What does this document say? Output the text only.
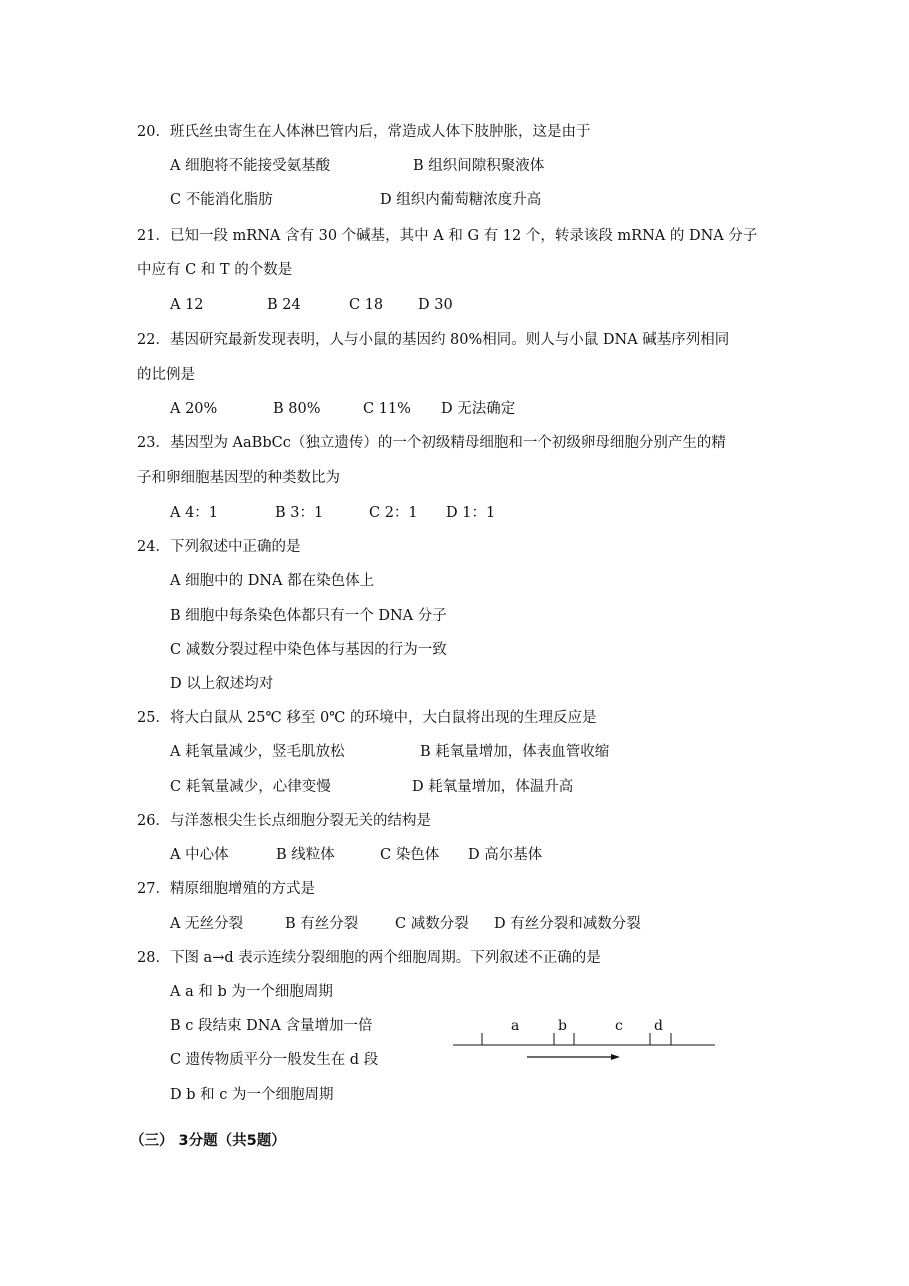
20．班氏丝虫寄生在人体淋巴管内后，常造成人体下肢肿胀，这是由于
A 细胞将不能接受氨基酸	B 组织间隙积聚液体
C 不能消化脂肪	D 组织内葡萄糖浓度升高
21．已知一段 mRNA 含有 30 个碱基，其中 A 和 G 有 12 个，转录该段 mRNA 的 DNA 分子
中应有 C 和 T 的个数是
A 12	B 24	C 18 D 30
22．基因研究最新发现表明，人与小鼠的基因约 80%相同。则人与小鼠 DNA 碱基序列相同
的比例是
A 20%	B 80%	C 11% D 无法确定
23．基因型为 AaBbCc（独立遗传）的一个初级精母细胞和一个初级卵母细胞分别产生的精
子和卵细胞基因型的种类数比为
A 4：1	B 3：1	C 2：1 D 1：1
24．下列叙述中正确的是
A 细胞中的 DNA 都在染色体上
B 细胞中每条染色体都只有一个 DNA 分子
C 减数分裂过程中染色体与基因的行为一致
D 以上叙述均对
25．将大白鼠从 25℃ 移至 0℃ 的环境中，大白鼠将出现的生理反应是
A 耗氧量减少，竖毛肌放松	B 耗氧量增加，体表血管收缩
C 耗氧量减少，心律变慢	D 耗氧量增加，体温升高
26．与洋葱根尖生长点细胞分裂无关的结构是
A 中心体	B 线粒体	C 染色体 D 高尔基体
27．精原细胞增殖的方式是
A 无丝分裂	B 有丝分裂	C 减数分裂 D 有丝分裂和减数分裂
28．下图 a→d 表示连续分裂细胞的两个细胞周期。下列叙述不正确的是
A a 和 b 为一个细胞周期
B c 段结束 DNA 含量增加一倍
C 遗传物质平分一般发生在 d 段
D b 和 c 为一个细胞周期
a	b	c d
（三） 3分题（共5题）
